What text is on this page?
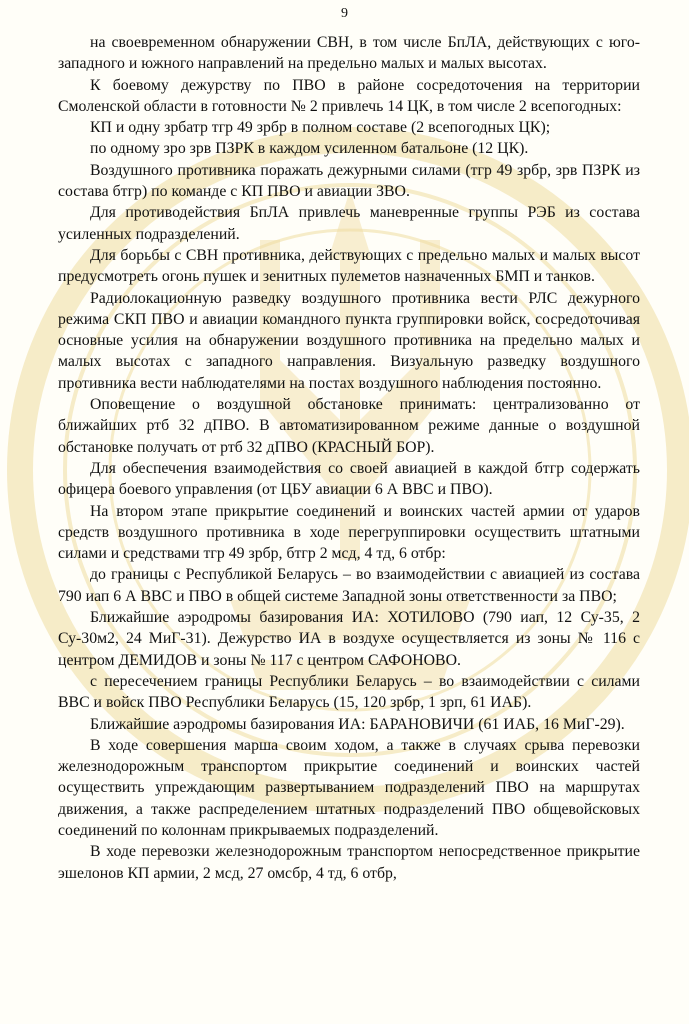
9

на своевременном обнаружении СВН, в том числе БпЛА, действующих с юго-западного и южного направлений на предельно малых и малых высотах.

К боевому дежурству по ПВО в районе сосредоточения на территории Смоленской области в готовности № 2 привлечь 14 ЦК, в том числе 2 всепогодных:

КП и одну зрбатр тгр 49 зрбр в полном составе (2 всепогодных ЦК);

по одному зро зрв ПЗРК в каждом усиленном батальоне (12 ЦК).

Воздушного противника поражать дежурными силами (тгр 49 зрбр, зрв ПЗРК из состава бтгр) по команде с КП ПВО и авиации ЗВО.

Для противодействия БпЛА привлечь маневренные группы РЭБ из состава усиленных подразделений.

Для борьбы с СВН противника, действующих с предельно малых и малых высот предусмотреть огонь пушек и зенитных пулеметов назначенных БМП и танков.

Радиолокационную разведку воздушного противника вести РЛС дежурного режима СКП ПВО и авиации командного пункта группировки войск, сосредоточивая основные усилия на обнаружении воздушного противника на предельно малых и малых высотах с западного направления. Визуальную разведку воздушного противника вести наблюдателями на постах воздушного наблюдения постоянно.

Оповещение о воздушной обстановке принимать: централизованно от ближайших ртб 32 дПВО. В автоматизированном режиме данные о воздушной обстановке получать от ртб 32 дПВО (КРАСНЫЙ БОР).

Для обеспечения взаимодействия со своей авиацией в каждой бтгр содержать офицера боевого управления (от ЦБУ авиации 6 А ВВС и ПВО).

На втором этапе прикрытие соединений и воинских частей армии от ударов средств воздушного противника в ходе перегруппировки осуществить штатными силами и средствами тгр 49 зрбр, бтгр 2 мсд, 4 тд, 6 отбр:

до границы с Республикой Беларусь – во взаимодействии с авиацией из состава 790 иап 6 А ВВС и ПВО в общей системе Западной зоны ответственности за ПВО;

Ближайшие аэродромы базирования ИА: ХОТИЛОВО (790 иап, 12 Су-35, 2 Су-30м2, 24 МиГ-31). Дежурство ИА в воздухе осуществляется из зоны № 116 с центром ДЕМИДОВ и зоны № 117 с центром САФОНОВО.

с пересечением границы Республики Беларусь – во взаимодействии с силами ВВС и войск ПВО Республики Беларусь (15, 120 зрбр, 1 зрп, 61 ИАБ).

Ближайшие аэродромы базирования ИА: БАРАНОВИЧИ (61 ИАБ, 16 МиГ-29).

В ходе совершения марша своим ходом, а также в случаях срыва перевозки железнодорожным транспортом прикрытие соединений и воинских частей осуществить упреждающим развертыванием подразделений ПВО на маршрутах движения, а также распределением штатных подразделений ПВО общевойсковых соединений по колоннам прикрываемых подразделений.

В ходе перевозки железнодорожным транспортом непосредственное прикрытие эшелонов КП армии, 2 мсд, 27 омсбр, 4 тд, 6 отбр,
